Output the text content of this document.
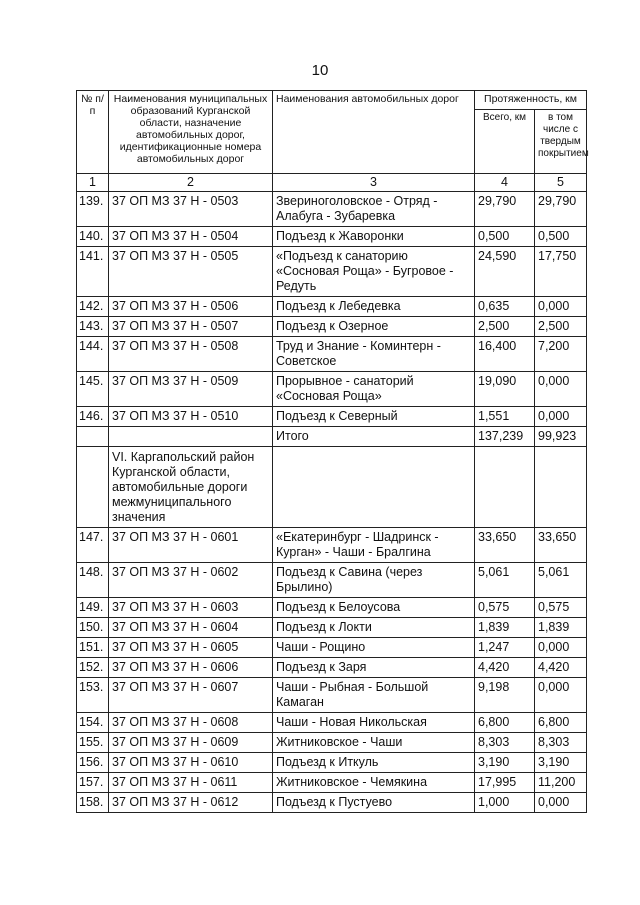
10
№ п/п	Наименования муниципальных образований Курганской области, назначение автомобильных дорог, идентификационные номера автомобильных дорог	Наименования автомобильных дорог	Протяженность, км	
			Всего, км	в том числе с твердым покрытием
1	2	3	4	5
139.	37 ОП МЗ 37 Н - 0503	Звериноголовское - Отряд - Алабуга - Зубаревка	29,790	29,790
140.	37 ОП МЗ 37 Н - 0504	Подъезд к Жаворонки	0,500	0,500
141.	37 ОП МЗ 37 Н - 0505	«Подъезд к санаторию «Сосновая Роща» - Бугровое - Редуть	24,590	17,750
142.	37 ОП МЗ 37 Н - 0506	Подъезд к Лебедевка	0,635	0,000
143.	37 ОП МЗ 37 Н - 0507	Подъезд к Озерное	2,500	2,500
144.	37 ОП МЗ 37 Н - 0508	Труд и Знание - Коминтерн - Советское	16,400	7,200
145.	37 ОП МЗ 37 Н - 0509	Прорывное - санаторий «Сосновая Роща»	19,090	0,000
146.	37 ОП МЗ 37 Н - 0510	Подъезд к Северный	1,551	0,000
		Итого	137,239	99,923
	VI. Каргапольский район Курганской области, автомобильные дороги межмуниципального значения			
147.	37 ОП МЗ 37 Н - 0601	«Екатеринбург - Шадринск - Курган» - Чаши - Бралгина	33,650	33,650
148.	37 ОП МЗ 37 Н - 0602	Подъезд к Савина (через Брылино)	5,061	5,061
149.	37 ОП МЗ 37 Н - 0603	Подъезд к Белоусова	0,575	0,575
150.	37 ОП МЗ 37 Н - 0604	Подъезд к Локти	1,839	1,839
151.	37 ОП МЗ 37 Н - 0605	Чаши - Рощино	1,247	0,000
152.	37 ОП МЗ 37 Н - 0606	Подъезд к Заря	4,420	4,420
153.	37 ОП МЗ 37 Н - 0607	Чаши - Рыбная - Большой Камаган	9,198	0,000
154.	37 ОП МЗ 37 Н - 0608	Чаши - Новая Никольская	6,800	6,800
155.	37 ОП МЗ 37 Н - 0609	Житниковское - Чаши	8,303	8,303
156.	37 ОП МЗ 37 Н - 0610	Подъезд к Иткуль	3,190	3,190
157.	37 ОП МЗ 37 Н - 0611	Житниковское - Чемякина	17,995	11,200
158.	37 ОП МЗ 37 Н - 0612	Подъезд к Пустуево	1,000	0,000
